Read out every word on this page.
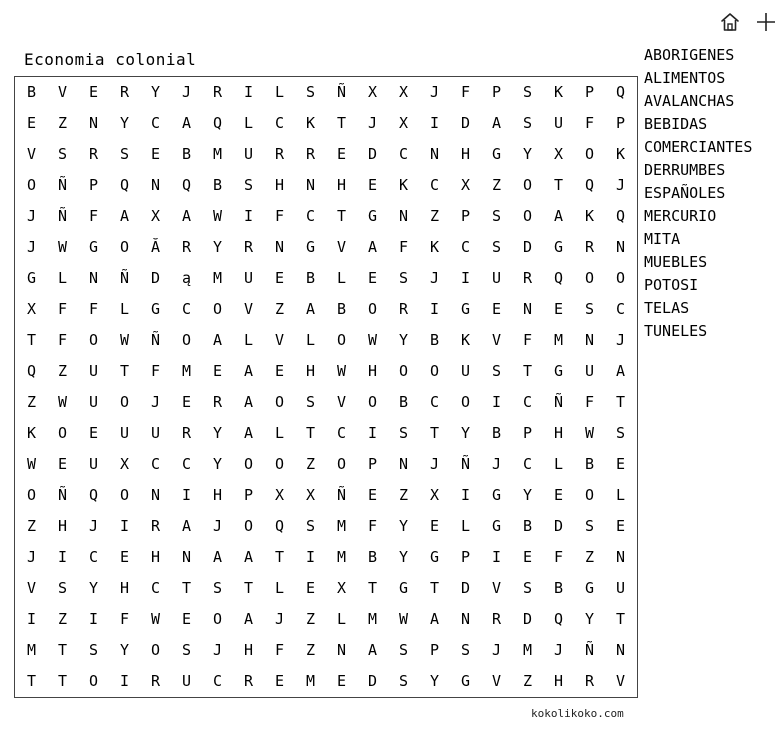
Economia colonial
B	V	E	R	Y	J	R	I	L	S	Ñ	X	X	J	F	P	S	K	P	Q
E	Z	N	Y	C	A	Q	L	C	K	T	J	X	I	D	A	S	U	F	P
V	S	R	S	E	B	M	U	R	R	E	D	C	N	H	G	Y	X	O	K
O	Ñ	P	Q	N	Q	B	S	H	N	H	E	K	C	X	Z	O	T	Q	J
J	Ñ	F	A	X	A	W	I	F	C	T	G	N	Z	P	S	O	A	K	Q
J	W	G	O	Ă	R	Y	R	N	G	V	A	F	K	C	S	D	G	R	N
G	L	N	Ñ	D	ą	M	U	E	B	L	E	S	J	I	U	R	Q	O	O
X	F	F	L	G	C	O	V	Z	A	B	O	R	I	G	E	N	E	S	C
T	F	O	W	Ñ	O	A	L	V	L	O	W	Y	B	K	V	F	M	N	J
Q	Z	U	T	F	M	E	A	E	H	W	H	O	O	U	S	T	G	U	A
Z	W	U	O	J	E	R	A	O	S	V	O	B	C	O	I	C	Ñ	F	T
K	O	E	U	U	R	Y	A	L	T	C	I	S	T	Y	B	P	H	W	S
W	E	U	X	C	C	Y	O	O	Z	O	P	N	J	Ñ	J	C	L	B	E
O	Ñ	Q	O	N	I	H	P	X	X	Ñ	E	Z	X	I	G	Y	E	O	L
Z	H	J	I	R	A	J	O	Q	S	M	F	Y	E	L	G	B	D	S	E
J	I	C	E	H	N	A	A	T	I	M	B	Y	G	P	I	E	F	Z	N
V	S	Y	H	C	T	S	T	L	E	X	T	G	T	D	V	S	B	G	U
I	Z	I	F	W	E	O	A	J	Z	L	M	W	A	N	R	D	Q	Y	T
M	T	S	Y	O	S	J	H	F	Z	N	A	S	P	S	J	M	J	Ñ	N
T	T	O	I	R	U	C	R	E	M	E	D	S	Y	G	V	Z	H	R	V
ABORIGENES
ALIMENTOS
AVALANCHAS
BEBIDAS
COMERCIANTES
DERRUMBES
ESPAÑOLES
MERCURIO
MITA
MUEBLES
POTOSI
TELAS
TUNELES
kokolikoko.com
